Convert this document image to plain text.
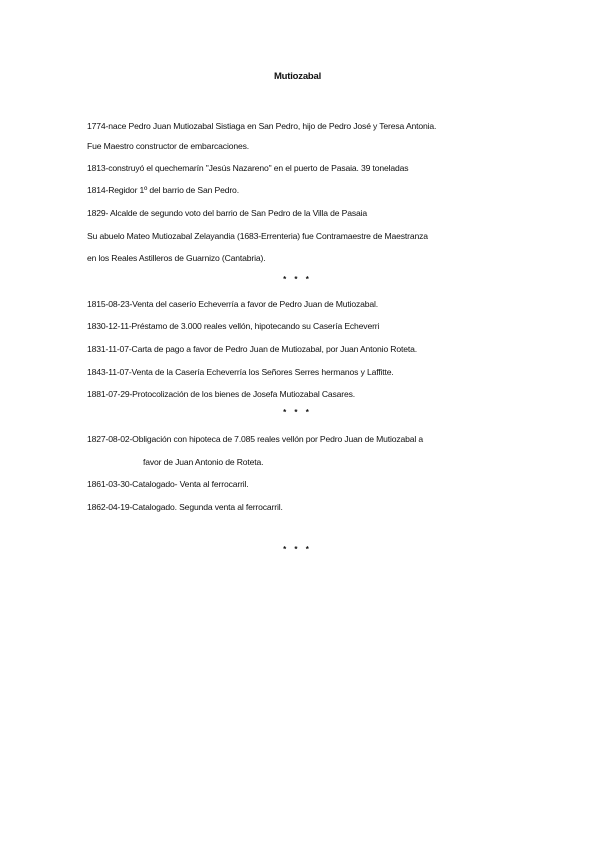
Mutiozabal
1774-nace Pedro Juan Mutiozabal Sistiaga en San Pedro, hijo de Pedro José y Teresa Antonia.
Fue Maestro constructor de embarcaciones.
1813-construyó el quechemarín "Jesús Nazareno" en el puerto de Pasaia. 39 toneladas
1814-Regidor 1º del barrio de San Pedro.
1829- Alcalde de segundo voto del barrio de San Pedro de la Villa de Pasaia
Su abuelo Mateo Mutiozabal Zelayandia (1683-Errenteria) fue Contramaestre de Maestranza
en los Reales Astilleros de Guarnizo (Cantabria).
* * *
1815-08-23-Venta del caserío Echeverría a favor de Pedro Juan de Mutiozabal.
1830-12-11-Préstamo de 3.000 reales vellón, hipotecando su Casería Echeverri
1831-11-07-Carta de pago a favor de Pedro Juan de Mutiozabal, por Juan Antonio Roteta.
1843-11-07-Venta de la Casería Echeverría los Señores Serres hermanos y Laffitte.
1881-07-29-Protocolización de los bienes de Josefa Mutiozabal Casares.
* * *
1827-08-02-Obligación con hipoteca de 7.085 reales vellón por Pedro Juan de Mutiozabal a
favor de Juan Antonio de Roteta.
1861-03-30-Catalogado- Venta al ferrocarril.
1862-04-19-Catalogado. Segunda venta al ferrocarril.
* * *
